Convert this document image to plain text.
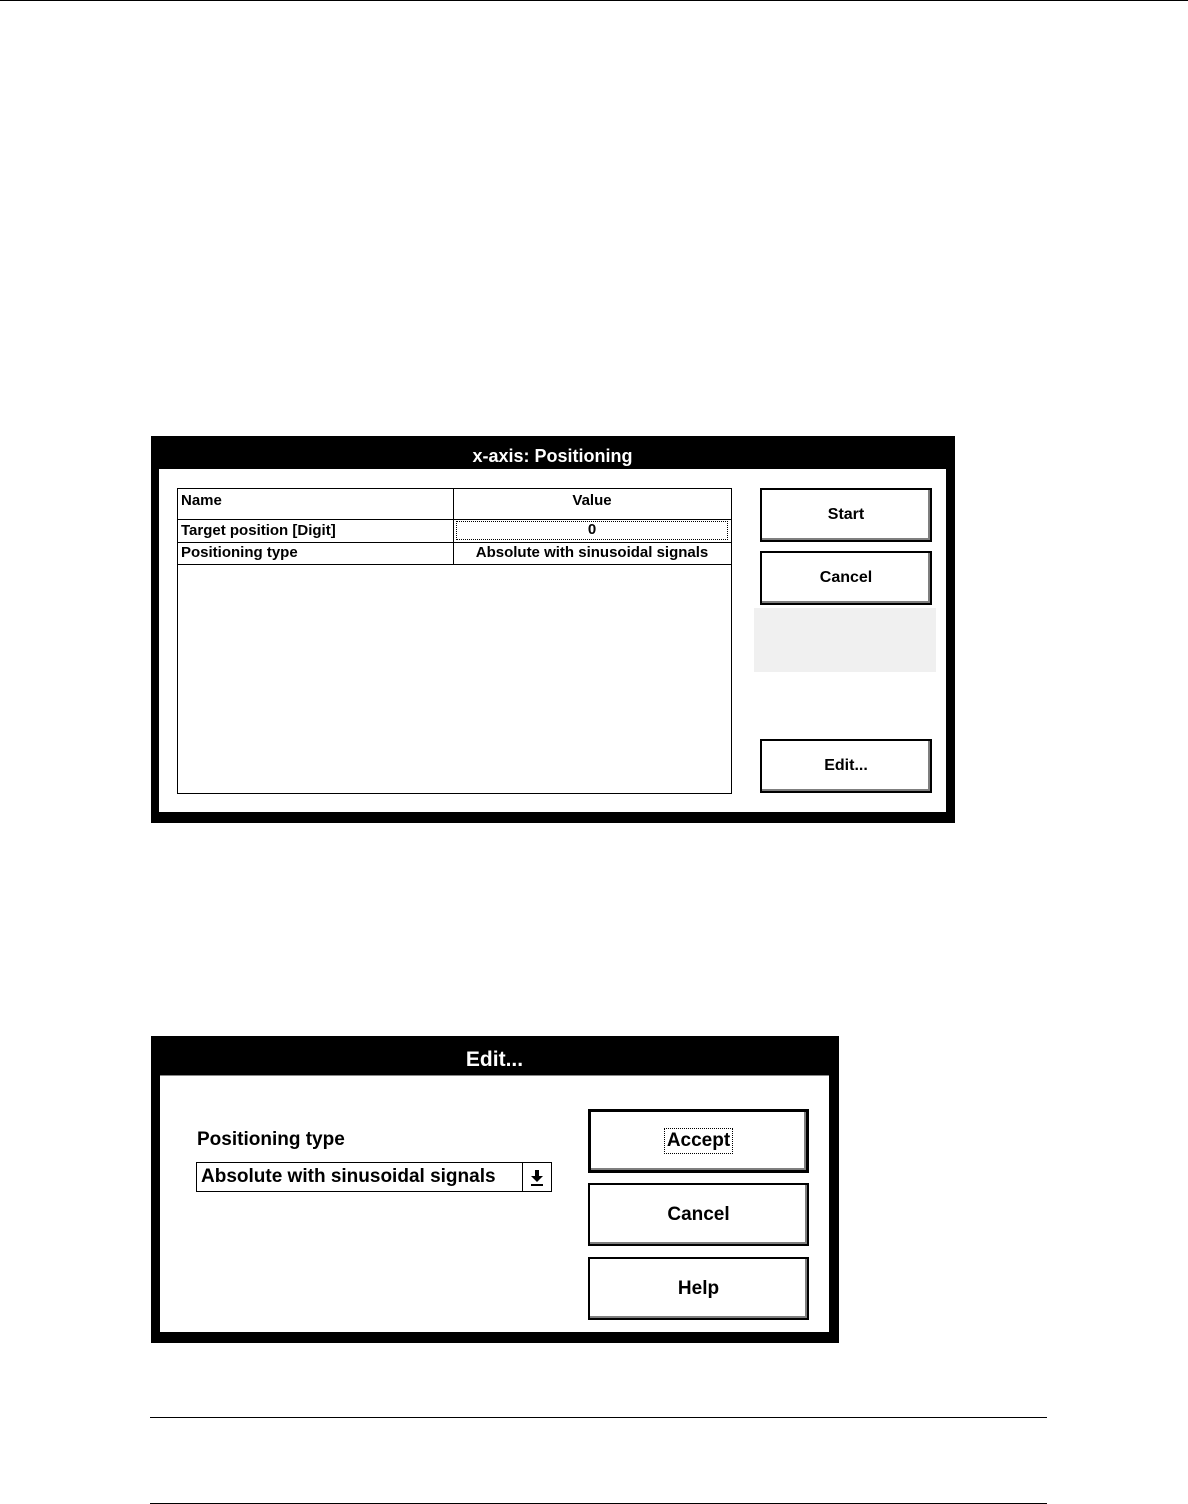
x-axis: Positioning
Name	Value
Target position [Digit]	0
Positioning type	Absolute with sinusoidal signals
Start
Cancel
Edit...
Edit...
Positioning type
Absolute with sinusoidal signals
Accept
Cancel
Help
